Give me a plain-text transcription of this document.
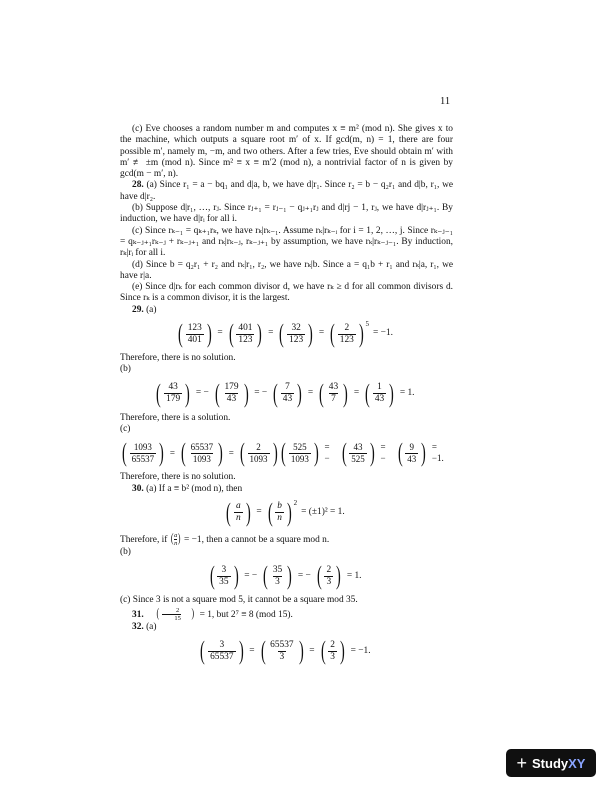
11

(c) Eve chooses a random number m and computes x ≡ m² (mod n). She gives x to the machine, which outputs a square root m′ of x. If gcd(m, n) = 1, there are four possible m′, namely m, −m, and two others. After a few tries, Eve should obtain m′ with m′ ≢ ±m (mod n). Since m² ≡ x ≡ m′2 (mod n), a nontrivial factor of n is given by gcd(m − m′, n).

28. (a) Since r₁ = a − bq₁ and d|a, b, we have d|r₁. Since r₂ = b − q₂r₁ and d|b, r₁, we have d|r₂.

(b) Suppose d|r₁, …, rⱼ. Since rⱼ₊₁ = rⱼ₋₁ − qⱼ₊₁rⱼ and d|rj − 1, rⱼ, we have d|rⱼ₊₁. By induction, we have d|rᵢ for all i.

(c) Since rₖ₋₁ = qₖ₊₁rₖ, we have rₖ|rₖ₋₁. Assume rₖ|rₖ₋ᵢ for i = 1, 2, …, j. Since rₖ₋ⱼ₋₁ = qₖ₋ⱼ₊₁rₖ₋ⱼ + rₖ₋ⱼ₊₁ and rₖ|rₖ₋ⱼ, rₖ₋ⱼ₊₁ by assumption, we have rₖ|rₖ₋ⱼ₋₁. By induction, rₖ|rᵢ for all i.

(d) Since b = q₂r₁ + r₂ and rₖ|r₁, r₂, we have rₖ|b. Since a = q₁b + r₁ and rₖ|a, r₁, we have r|a.

(e) Since d|rₖ for each common divisor d, we have rₖ ≥ d for all common divisors d. Since rₖ is a common divisor, it is the largest.

29. (a)

( $\frac{123}{401}$ ) = ( $\frac{401}{123}$ ) = ( $\frac{32}{123}$ ) = ( $\frac{2}{123}$ ) $^5$
= −1.

Therefore, there is no solution.

(b)

( $\frac{43}{179}$ ) = − ( $\frac{179}{43}$ ) = − ( $\frac{7}{43}$ ) = ( $\frac{43}{7}$ ) = ( $\frac{1}{43}$ ) = 1.

Therefore, there is a solution.

(c)

( $\frac{1093}{65537}$ ) = ( $\frac{65537}{1093}$ ) = ( $\frac{2}{1093}$ ) ( $\frac{525}{1093}$ ) = − ( $\frac{43}{525}$ ) = − ( $\frac{9}{43}$ ) = −1.

Therefore, there is no solution.

30. (a) If a ≡ b² (mod n), then

( $\frac{a}{n}$ ) = ( $\frac{b}{n}$ ) $^2$
= (±1)² = 1.

Therefore, if ( $\frac{a}{n}$ ) = −1, then a cannot be a square mod n.

(b)

( $\frac{3}{35}$ ) = − ( $\frac{35}{3}$ ) = − ( $\frac{2}{3}$ ) = 1.

(c) Since 3 is not a square mod 5, it cannot be a square mod 35.

31. ( $\frac{2}{15}$ ) = 1, but 2⁷ ≡ 8 (mod 15).

32. (a)

( $\frac{3}{65537}$ ) = ( $\frac{65537}{3}$ ) = ( $\frac{2}{3}$ ) = −1.
+ Study XY
